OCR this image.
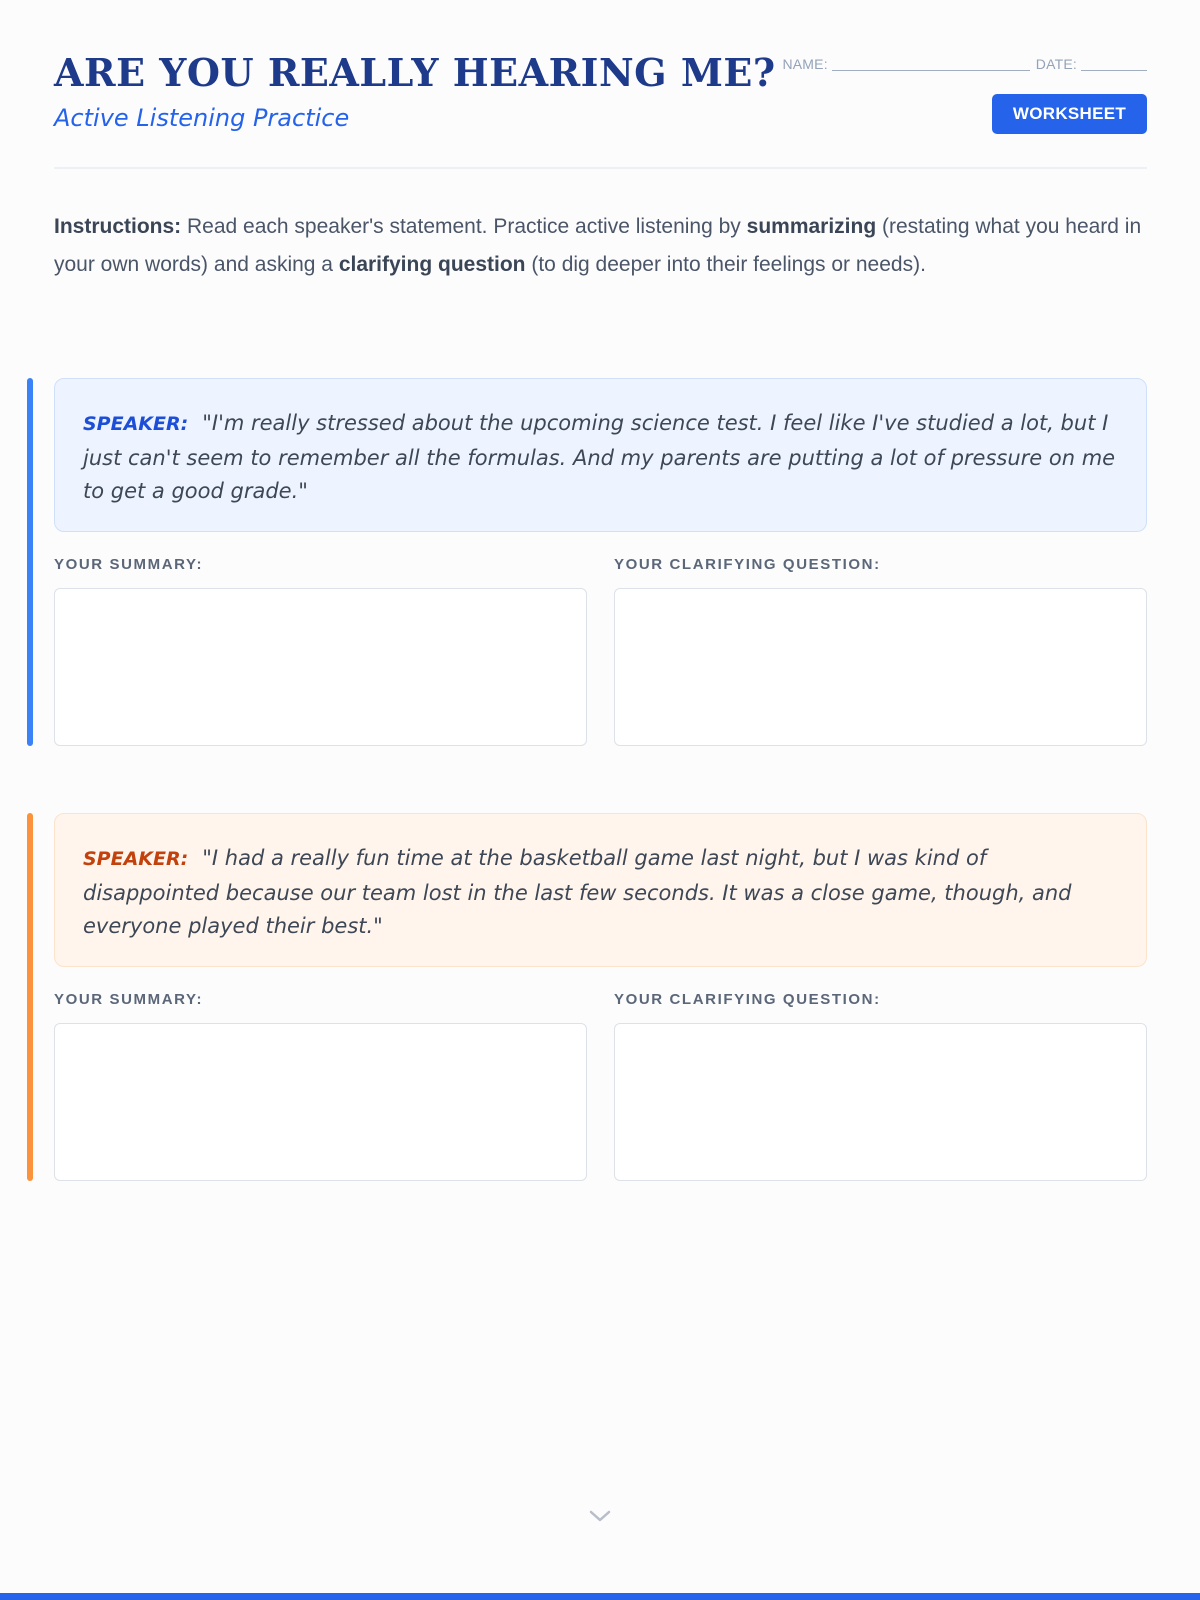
ARE YOU REALLY HEARING ME?
Active Listening Practice
NAME:	DATE:
WORKSHEET

Instructions: Read each speaker's statement. Practice active listening by summarizing (restating what you heard in your own words) and asking a clarifying question (to dig deeper into their feelings or needs).

SPEAKER: "I'm really stressed about the upcoming science test. I feel like I've studied a lot, but I just can't seem to remember all the formulas. And my parents are putting a lot of pressure on me to get a good grade."
YOUR SUMMARY:	YOUR CLARIFYING QUESTION:
SPEAKER: "I had a really fun time at the basketball game last night, but I was kind of disappointed because our team lost in the last few seconds. It was a close game, though, and everyone played their best."
YOUR SUMMARY:	YOUR CLARIFYING QUESTION:
